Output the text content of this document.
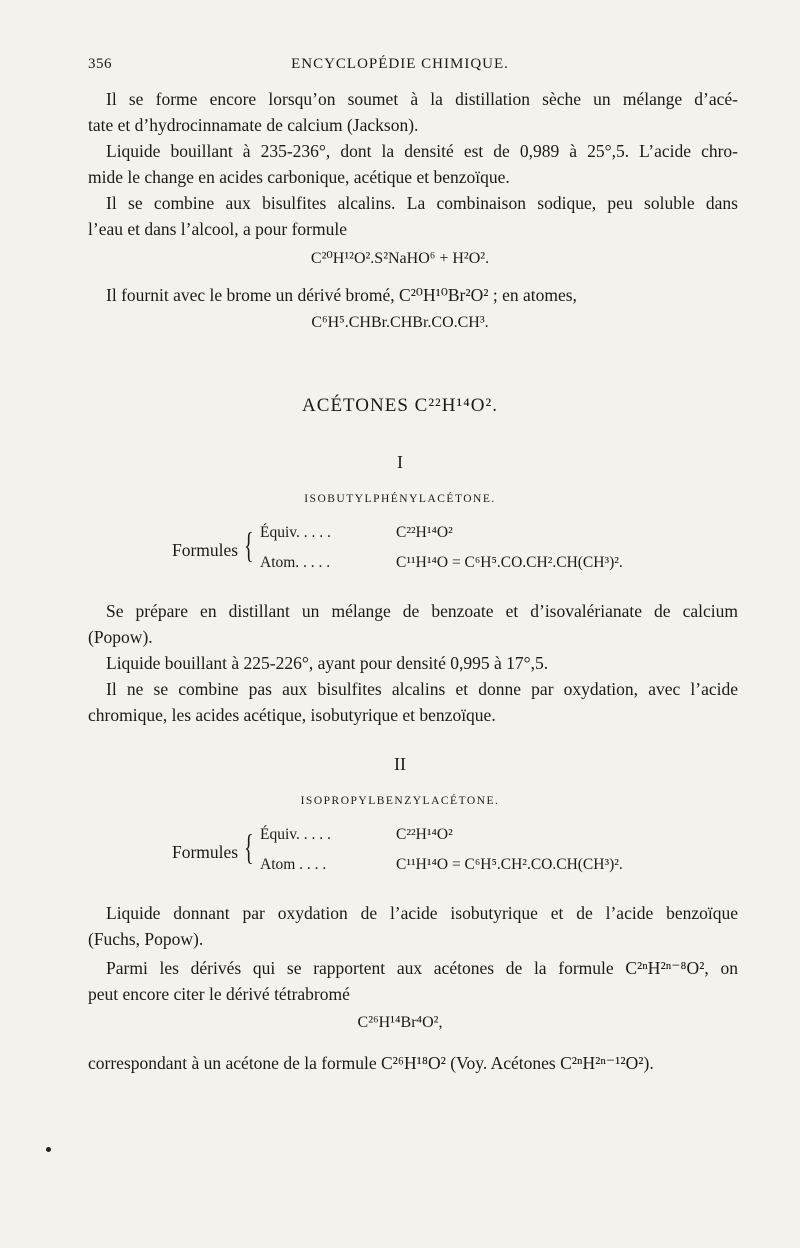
356	ENCYCLOPÉDIE CHIMIQUE.
Il se forme encore lorsqu’on soumet à la distillation sèche un mélange d’acé-
tate et d’hydrocinnamate de calcium (Jackson).
Liquide bouillant à 235-236°, dont la densité est de 0,989 à 25°,5. L’acide chro-
mide le change en acides carbonique, acétique et benzoïque.
Il se combine aux bisulfites alcalins. La combinaison sodique, peu soluble dans
l’eau et dans l’alcool, a pour formule
C²⁰H¹²O².S²NaHO⁶ + H²O².
Il fournit avec le brome un dérivé bromé, C²⁰H¹⁰Br²O² ; en atomes,
C⁶H⁵.CHBr.CHBr.CO.CH³.
ACÉTONES C²²H¹⁴O².
I
ISOBUTYLPHÉNYLACÉTONE.
Formules { Équiv. . . . .	C²²H¹⁴O²
Atom. . . . .	C¹¹H¹⁴O = C⁶H⁵.CO.CH².CH(CH³)².
Se prépare en distillant un mélange de benzoate et d’isovalérianate de calcium
(Popow).
Liquide bouillant à 225-226°, ayant pour densité 0,995 à 17°,5.
Il ne se combine pas aux bisulfites alcalins et donne par oxydation, avec l’acide
chromique, les acides acétique, isobutyrique et benzoïque.
II
ISOPROPYLBENZYLACÉTONE.
Formules { Équiv. . . . .	C²²H¹⁴O²
Atom . . . .	C¹¹H¹⁴O = C⁶H⁵.CH².CO.CH(CH³)².
Liquide donnant par oxydation de l’acide isobutyrique et de l’acide benzoïque
(Fuchs, Popow).
Parmi les dérivés qui se rapportent aux acétones de la formule C²ⁿH²ⁿ⁻⁸O², on
peut encore citer le dérivé tétrabromé
C²⁶H¹⁴Br⁴O²,
correspondant à un acétone de la formule C²⁶H¹⁸O² (Voy. Acétones C²ⁿH²ⁿ⁻¹²O²).
